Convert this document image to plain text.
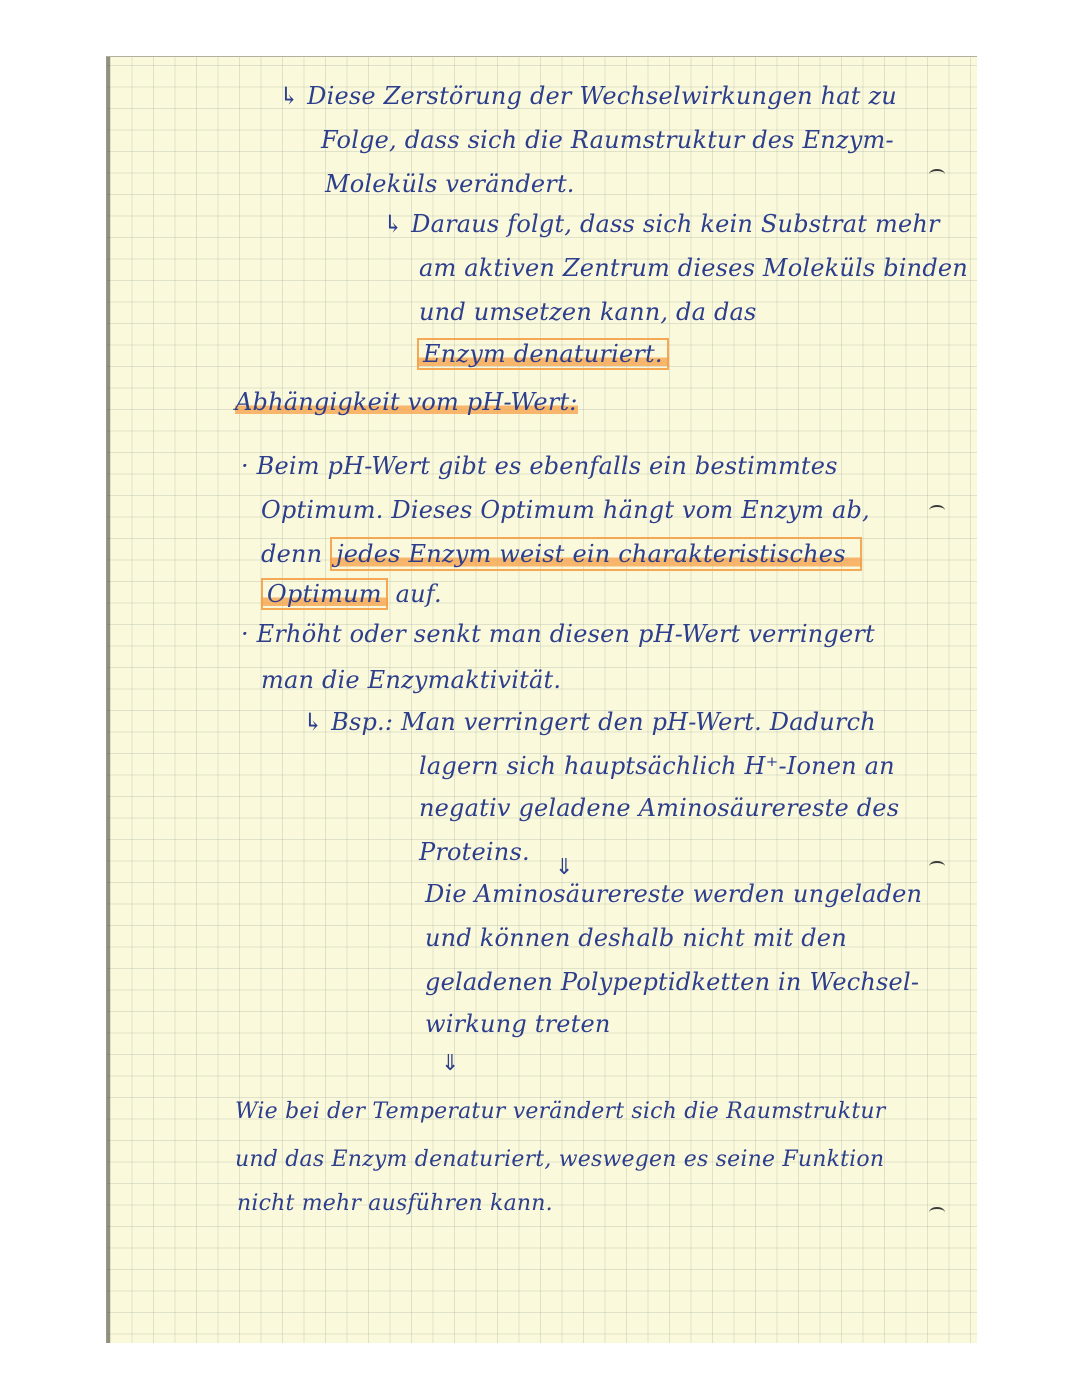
↳ Diese Zerstörung der Wechselwirkungen hat zu
Folge, dass sich die Raumstruktur des Enzym-
Moleküls verändert.
↳ Daraus folgt, dass sich kein Substrat mehr
am aktiven Zentrum dieses Moleküls binden
und umsetzen kann, da das
Enzym denaturiert.
Abhängigkeit vom pH-Wert:
· Beim pH-Wert gibt es ebenfalls ein bestimmtes
Optimum. Dieses Optimum hängt vom Enzym ab,
denn jedes Enzym weist ein charakteristisches
Optimum auf.
· Erhöht oder senkt man diesen pH-Wert verringert
man die Enzymaktivität.
↳ Bsp.: Man verringert den pH-Wert. Dadurch
lagern sich hauptsächlich H⁺-Ionen an
negativ geladene Aminosäurereste des
Proteins.
⇓
Die Aminosäurereste werden ungeladen
und können deshalb nicht mit den
geladenen Polypeptidketten in Wechsel-
wirkung treten
⇓
Wie bei der Temperatur verändert sich die Raumstruktur
und das Enzym denaturiert, weswegen es seine Funktion
nicht mehr ausführen kann.
